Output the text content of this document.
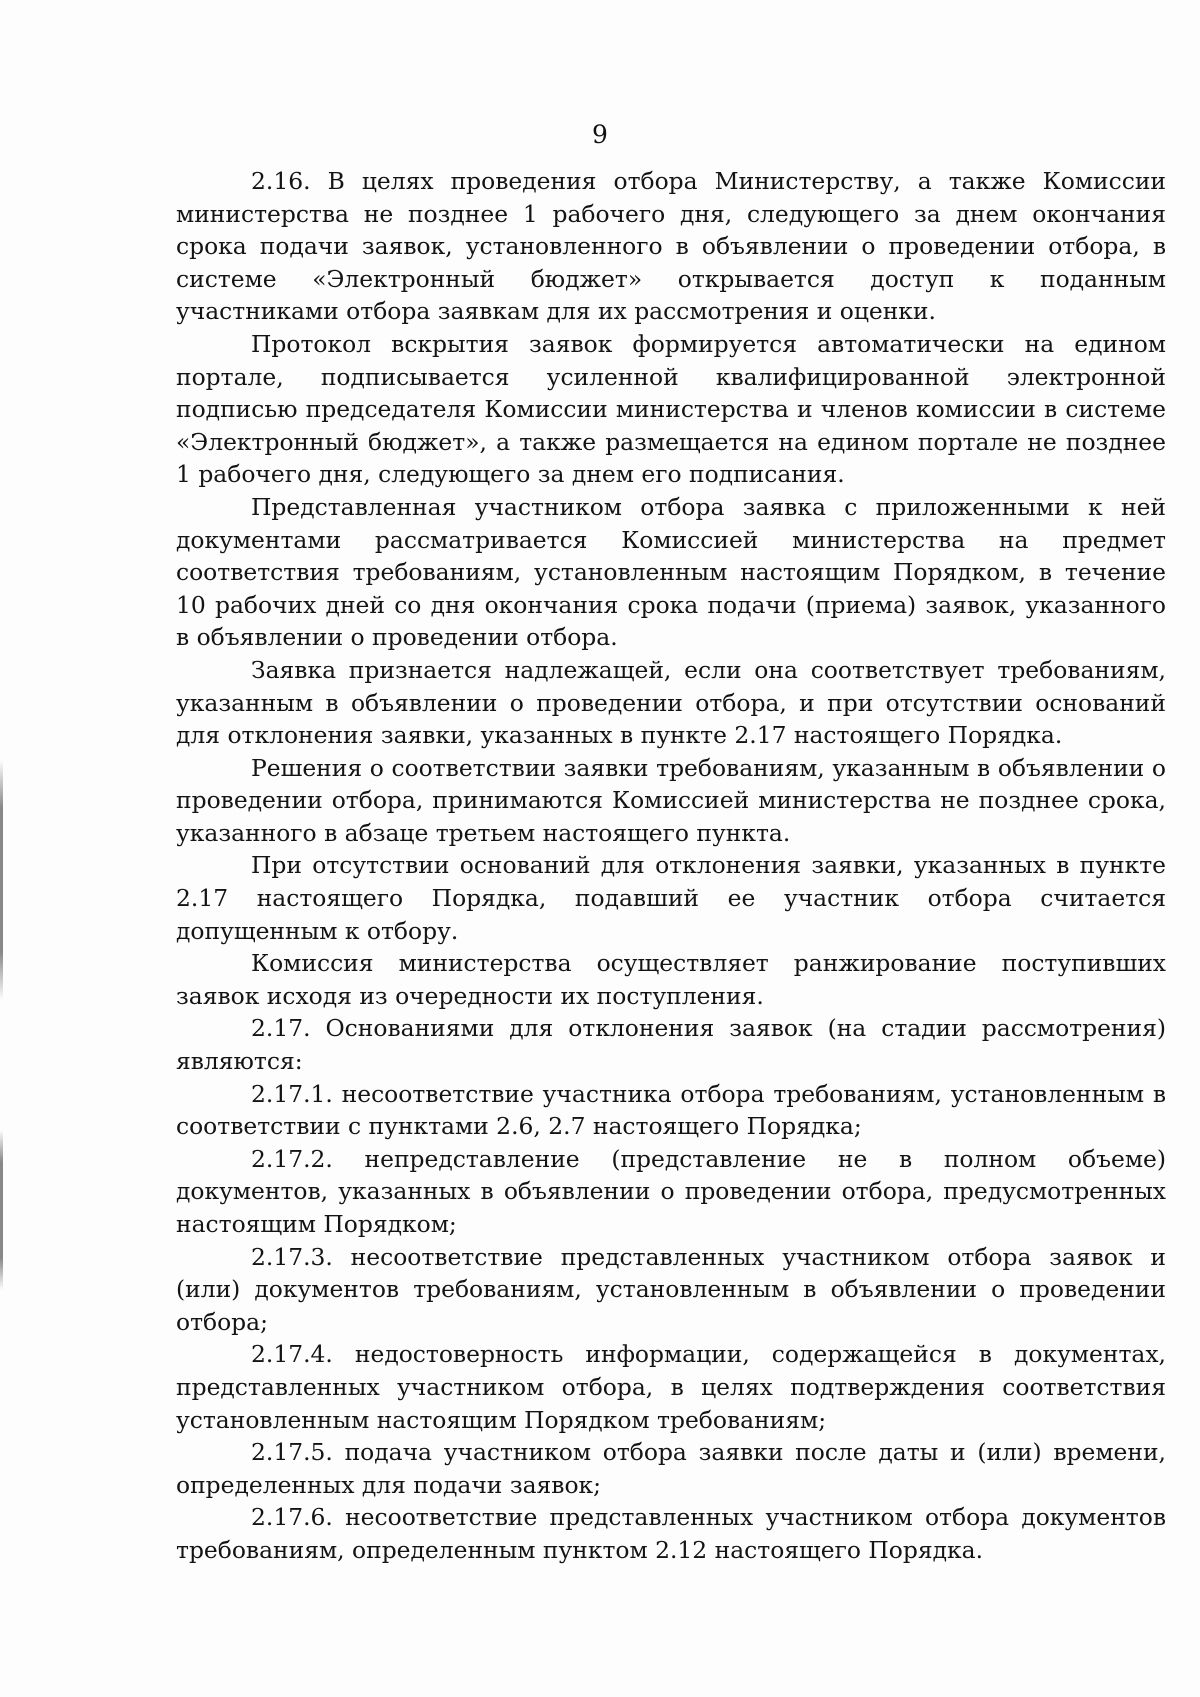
9

2.16. В целях проведения отбора Министерству, а также Комиссии министерства не позднее 1 рабочего дня, следующего за днем окончания срока подачи заявок, установленного в объявлении о проведении отбора, в системе «Электронный бюджет» открывается доступ к поданным участниками отбора заявкам для их рассмотрения и оценки.

Протокол вскрытия заявок формируется автоматически на едином портале, подписывается усиленной квалифицированной электронной подписью председателя Комиссии министерства и членов комиссии в системе «Электронный бюджет», а также размещается на едином портале не позднее 1 рабочего дня, следующего за днем его подписания.

Представленная участником отбора заявка с приложенными к ней документами рассматривается Комиссией министерства на предмет соответствия требованиям, установленным настоящим Порядком, в течение 10 рабочих дней со дня окончания срока подачи (приема) заявок, указанного в объявлении о проведении отбора.

Заявка признается надлежащей, если она соответствует требованиям, указанным в объявлении о проведении отбора, и при отсутствии оснований для отклонения заявки, указанных в пункте 2.17 настоящего Порядка.

Решения о соответствии заявки требованиям, указанным в объявлении о проведении отбора, принимаются Комиссией министерства не позднее срока, указанного в абзаце третьем настоящего пункта.

При отсутствии оснований для отклонения заявки, указанных в пункте 2.17 настоящего Порядка, подавший ее участник отбора считается допущенным к отбору.

Комиссия министерства осуществляет ранжирование поступивших заявок исходя из очередности их поступления.

2.17. Основаниями для отклонения заявок (на стадии рассмотрения) являются:

2.17.1. несоответствие участника отбора требованиям, установленным в соответствии с пунктами 2.6, 2.7 настоящего Порядка;

2.17.2. непредставление (представление не в полном объеме) документов, указанных в объявлении о проведении отбора, предусмотренных настоящим Порядком;

2.17.3. несоответствие представленных участником отбора заявок и (или) документов требованиям, установленным в объявлении о проведении отбора;

2.17.4. недостоверность информации, содержащейся в документах, представленных участником отбора, в целях подтверждения соответствия установленным настоящим Порядком требованиям;

2.17.5. подача участником отбора заявки после даты и (или) времени, определенных для подачи заявок;

2.17.6. несоответствие представленных участником отбора документов требованиям, определенным пунктом 2.12 настоящего Порядка.
